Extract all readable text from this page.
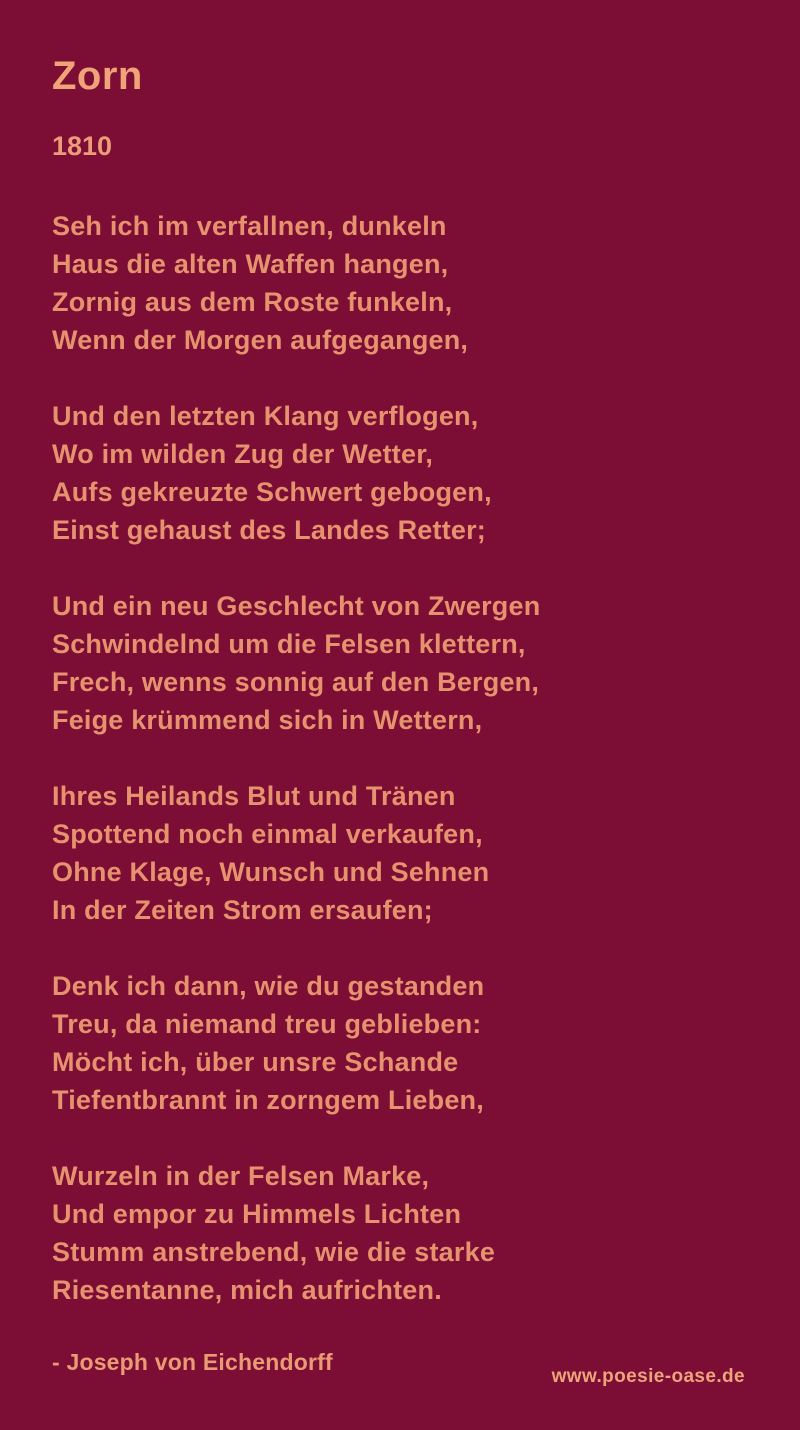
Zorn
1810
Seh ich im verfallnen, dunkeln
Haus die alten Waffen hangen,
Zornig aus dem Roste funkeln,
Wenn der Morgen aufgegangen,
Und den letzten Klang verflogen,
Wo im wilden Zug der Wetter,
Aufs gekreuzte Schwert gebogen,
Einst gehaust des Landes Retter;
Und ein neu Geschlecht von Zwergen
Schwindelnd um die Felsen klettern,
Frech, wenns sonnig auf den Bergen,
Feige krümmend sich in Wettern,
Ihres Heilands Blut und Tränen
Spottend noch einmal verkaufen,
Ohne Klage, Wunsch und Sehnen
In der Zeiten Strom ersaufen;
Denk ich dann, wie du gestanden
Treu, da niemand treu geblieben:
Möcht ich, über unsre Schande
Tiefentbrannt in zorngem Lieben,
Wurzeln in der Felsen Marke,
Und empor zu Himmels Lichten
Stumm anstrebend, wie die starke
Riesentanne, mich aufrichten.
- Joseph von Eichendorff
www.poesie-oase.de
